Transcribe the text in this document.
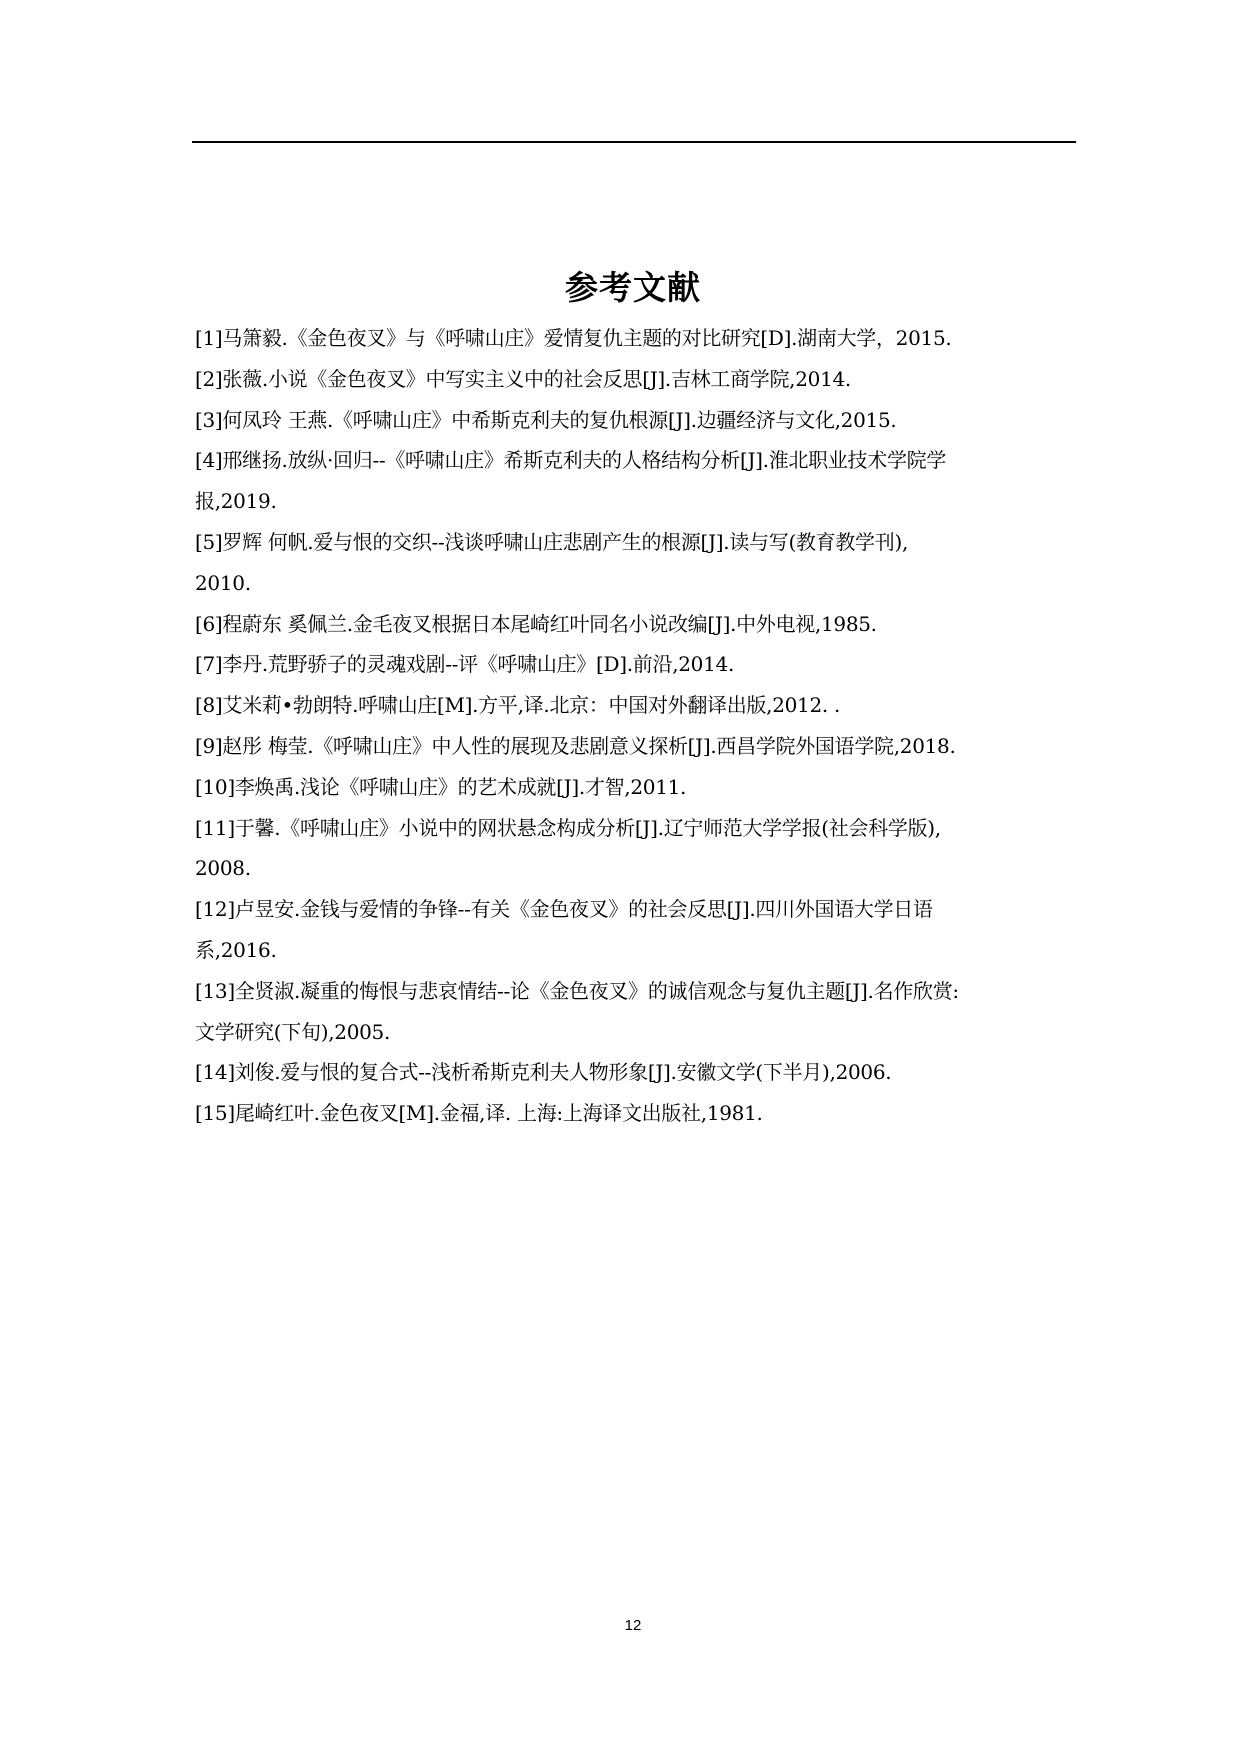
参考文献
[1]马箫毅.《金色夜叉》与《呼啸山庄》爱情复仇主题的对比研究[D].湖南大学，2015.
[2]张薇.小说《金色夜叉》中写实主义中的社会反思[J].吉林工商学院,2014.
[3]何凤玲 王燕.《呼啸山庄》中希斯克利夫的复仇根源[J].边疆经济与文化,2015.
[4]邢继扬.放纵·回归--《呼啸山庄》希斯克利夫的人格结构分析[J].淮北职业技术学院学
报,2019.
[5]罗辉 何帆.爱与恨的交织--浅谈呼啸山庄悲剧产生的根源[J].读与写(教育教学刊),
2010.
[6]程蔚东 奚佩兰.金毛夜叉根据日本尾崎红叶同名小说改编[J].中外电视,1985.
[7]李丹.荒野骄子的灵魂戏剧--评《呼啸山庄》[D].前沿,2014.
[8]艾米莉•勃朗特.呼啸山庄[M].方平,译.北京：中国对外翻译出版,2012. .
[9]赵彤 梅莹.《呼啸山庄》中人性的展现及悲剧意义探析[J].西昌学院外国语学院,2018.
[10]李焕禹.浅论《呼啸山庄》的艺术成就[J].才智,2011.
[11]于馨.《呼啸山庄》小说中的网状悬念构成分析[J].辽宁师范大学学报(社会科学版),
2008.
[12]卢昱安.金钱与爱情的争锋--有关《金色夜叉》的社会反思[J].四川外国语大学日语
系,2016.
[13]全贤淑.凝重的悔恨与悲哀情结--论《金色夜叉》的诚信观念与复仇主题[J].名作欣赏:
文学研究(下旬),2005.
[14]刘俊.爱与恨的复合式--浅析希斯克利夫人物形象[J].安徽文学(下半月),2006.
[15]尾崎红叶.金色夜叉[M].金福,译. 上海:上海译文出版社,1981.
12
